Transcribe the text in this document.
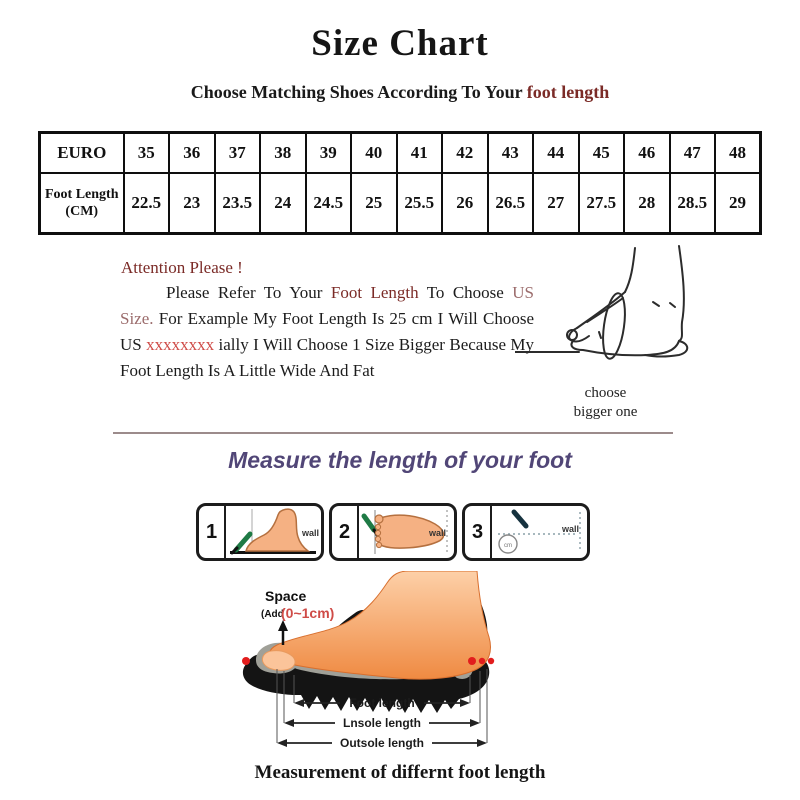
Size Chart
Choose Matching Shoes According To Your foot length
EURO	35	36	37	38	39	40	41	42	43	44	45	46	47	48
Foot Length (CM)	22.5	23	23.5	24	24.5	25	25.5	26	26.5	27	27.5	28	28.5	29
Attention Please !
Please Refer To Your Foot Length To Choose US Size. For Example My Foot Length Is 25 cm I Will Choose US xxxxxxxx ially I Will Choose 1 Size Bigger Because My Foot Length Is A Little Wide And Fat
choose
bigger one
Measure the length of your foot
1	wall 2	wall	3
cm
wall
Space
(Add
(0~1cm)
Foot length
Lnsole length
Outsole length
Measurement of differnt foot length
